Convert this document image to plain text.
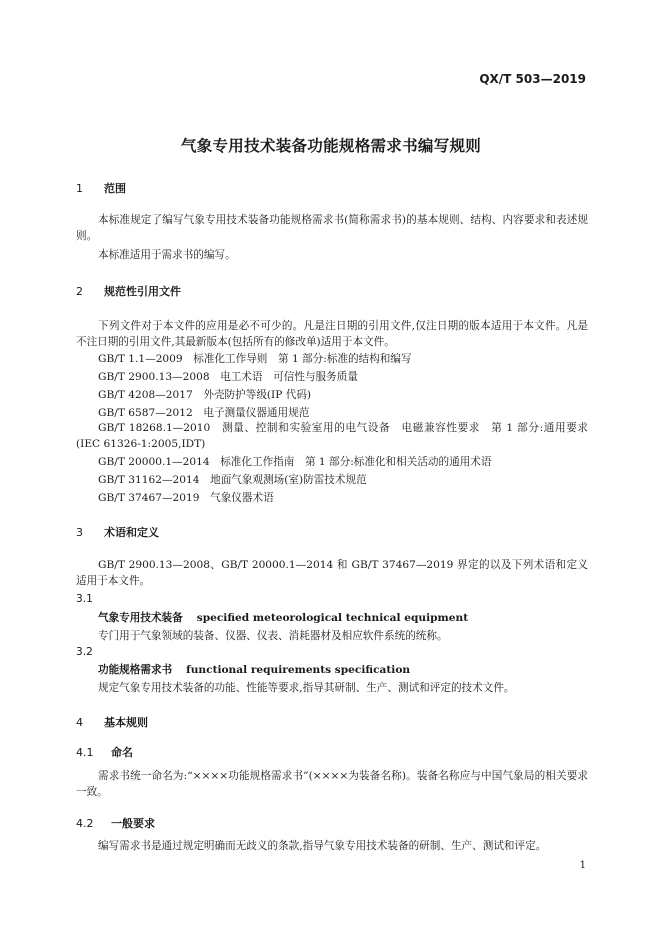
QX/T 503—2019
气象专用技术装备功能规格需求书编写规则
1 范围
本标准规定了编写气象专用技术装备功能规格需求书(简称需求书)的基本规则、结构、内容要求和表述规则。
本标准适用于需求书的编写。
2 规范性引用文件
下列文件对于本文件的应用是必不可少的。凡是注日期的引用文件,仅注日期的版本适用于本文件。凡是不注日期的引用文件,其最新版本(包括所有的修改单)适用于本文件。
GB/T 1.1—2009　标准化工作导则　第 1 部分:标准的结构和编写
GB/T 2900.13—2008　电工术语　可信性与服务质量
GB/T 4208—2017　外壳防护等级(IP 代码)
GB/T 6587—2012　电子测量仪器通用规范
GB/T 18268.1—2010　测量、控制和实验室用的电气设备　电磁兼容性要求　第 1 部分:通用要求(IEC 61326-1:2005,IDT)
GB/T 20000.1—2014　标准化工作指南　第 1 部分:标准化和相关活动的通用术语
GB/T 31162—2014　地面气象观测场(室)防雷技术规范
GB/T 37467—2019　气象仪器术语
3 术语和定义
GB/T 2900.13—2008、GB/T 20000.1—2014 和 GB/T 37467—2019 界定的以及下列术语和定义适用于本文件。
3.1
气象专用技术装备 specified meteorological technical equipment
专门用于气象领域的装备、仪器、仪表、消耗器材及相应软件系统的统称。
3.2
功能规格需求书 functional requirements specification
规定气象专用技术装备的功能、性能等要求,指导其研制、生产、测试和评定的技术文件。
4 基本规则
4.1 命名
需求书统一命名为:“××××功能规格需求书”(××××为装备名称)。装备名称应与中国气象局的相关要求一致。
4.2 一般要求
编写需求书是通过规定明确而无歧义的条款,指导气象专用技术装备的研制、生产、测试和评定。
1
